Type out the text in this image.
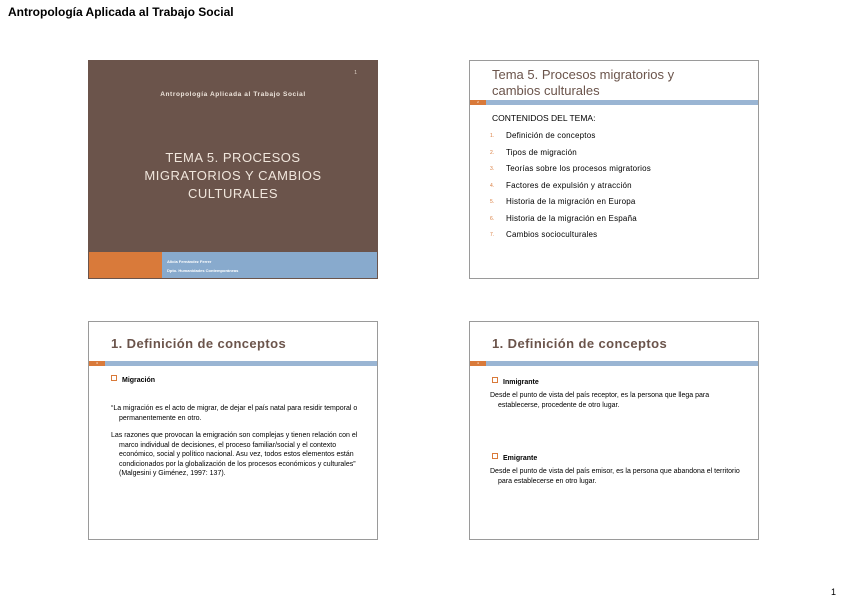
Antropología Aplicada al Trabajo Social
1
Antropología Aplicada al Trabajo Social
TEMA 5. PROCESOS
MIGRATORIOS Y CAMBIOS
CULTURALES
Alicia Fernández Ferrer
Dpto. Humanidades Contemporáneas
Tema 5. Procesos migratorios y
cambios culturales
2
CONTENIDOS DEL TEMA:
1. Definición de conceptos
2. Tipos de migración
3. Teorías sobre los procesos migratorios
4. Factores de expulsión y atracción
5. Historia de la migración en Europa
6. Historia de la migración en España
7. Cambios socioculturales
1. Definición de conceptos
3
Migración
“La migración es el acto de migrar, de dejar el país natal para residir temporal o permanentemente en otro.
Las razones que provocan la emigración son complejas y tienen relación con el marco individual de decisiones, el proceso familiar/social y el contexto económico, social y político nacional. Asu vez, todos estos elementos están condicionados por la globalización de los procesos económicos y culturales” (Malgesini y Giménez, 1997: 137).
1. Definición de conceptos
4
Inmigrante
Desde el punto de vista del país receptor, es la persona que llega para establecerse, procedente de otro lugar.
Emigrante
Desde el punto de vista del país emisor, es la persona que abandona el territorio para establecerse en otro lugar.
1
